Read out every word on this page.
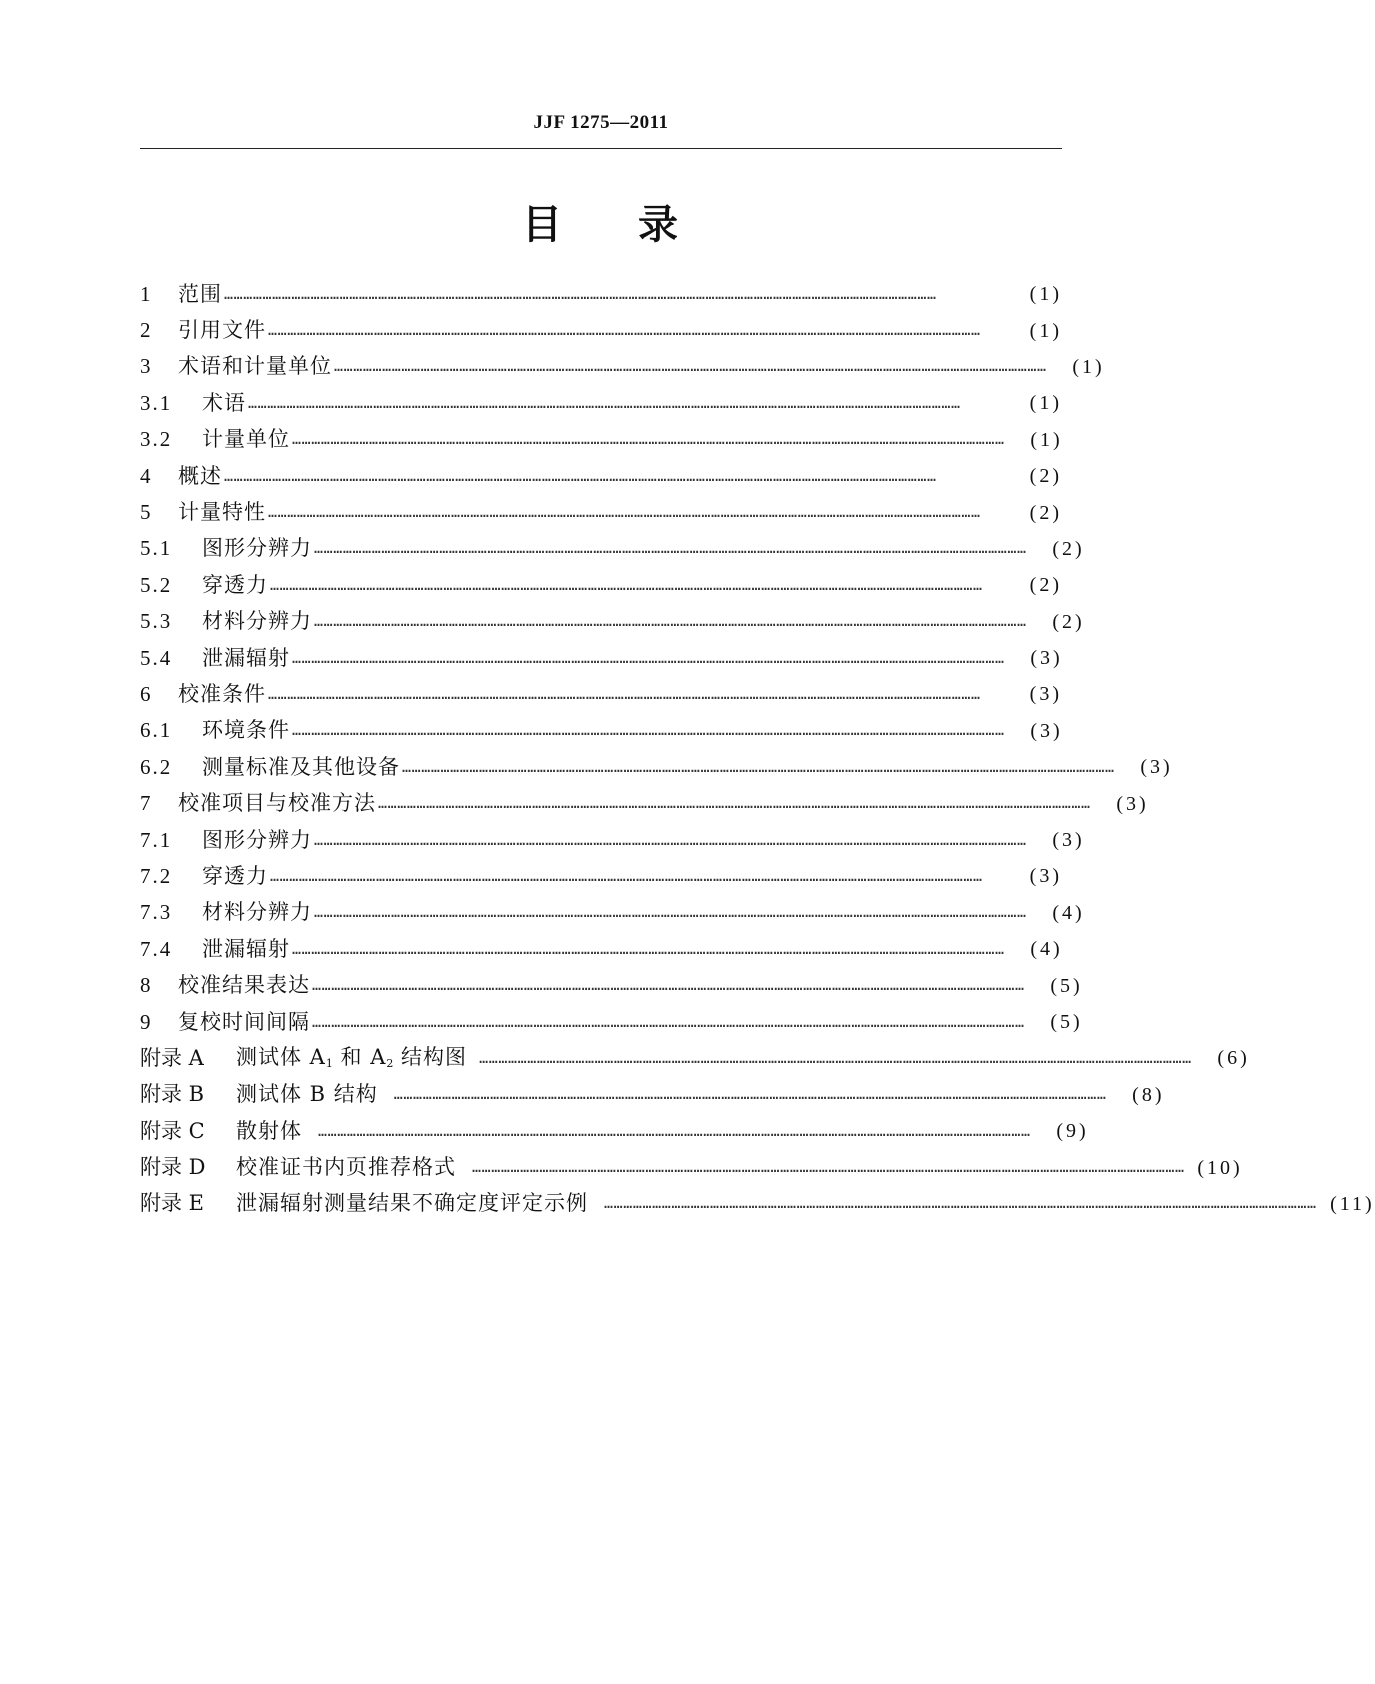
JJF 1275—2011
目 录
1	范围 ……………………………………………………………………………………………………………………………………………………………………………………………………	(1)
2	引用文件 ……………………………………………………………………………………………………………………………………………………………………………………………………	(1)
3	术语和计量单位 ……………………………………………………………………………………………………………………………………………………………………………………………………	(1)
3.1	术语 ……………………………………………………………………………………………………………………………………………………………………………………………………	(1)
3.2	计量单位 ……………………………………………………………………………………………………………………………………………………………………………………………………	(1)
4	概述 ……………………………………………………………………………………………………………………………………………………………………………………………………	(2)
5	计量特性 ……………………………………………………………………………………………………………………………………………………………………………………………………	(2)
5.1	图形分辨力 ……………………………………………………………………………………………………………………………………………………………………………………………………	(2)
5.2	穿透力 ……………………………………………………………………………………………………………………………………………………………………………………………………	(2)
5.3	材料分辨力 ……………………………………………………………………………………………………………………………………………………………………………………………………	(2)
5.4	泄漏辐射 ……………………………………………………………………………………………………………………………………………………………………………………………………	(3)
6	校准条件 ……………………………………………………………………………………………………………………………………………………………………………………………………	(3)
6.1	环境条件 ……………………………………………………………………………………………………………………………………………………………………………………………………	(3)
6.2	测量标准及其他设备 ……………………………………………………………………………………………………………………………………………………………………………………………………	(3)
7	校准项目与校准方法 ……………………………………………………………………………………………………………………………………………………………………………………………………	(3)
7.1	图形分辨力 ……………………………………………………………………………………………………………………………………………………………………………………………………	(3)
7.2	穿透力 ……………………………………………………………………………………………………………………………………………………………………………………………………	(3)
7.3	材料分辨力 ……………………………………………………………………………………………………………………………………………………………………………………………………	(4)
7.4	泄漏辐射 ……………………………………………………………………………………………………………………………………………………………………………………………………	(4)
8	校准结果表达 ……………………………………………………………………………………………………………………………………………………………………………………………………	(5)
9	复校时间间隔 ……………………………………………………………………………………………………………………………………………………………………………………………………	(5)
附录 A	测试体 $A_1$ 和 $A_2$ 结构图 ……………………………………………………………………………………………………………………………………………………………………………………………………	(6)
附录 B	测试体 B 结构 ……………………………………………………………………………………………………………………………………………………………………………………………………	(8)
附录 C	散射体 ……………………………………………………………………………………………………………………………………………………………………………………………………	(9)
附录 D	校准证书内页推荐格式 …………………………………………………………………………………………………………………………………………………………………………………………………… (10)
附录 E	泄漏辐射测量结果不确定度评定示例 …………………………………………………………………………………………………………………………………………………………………………………………………… (11)
